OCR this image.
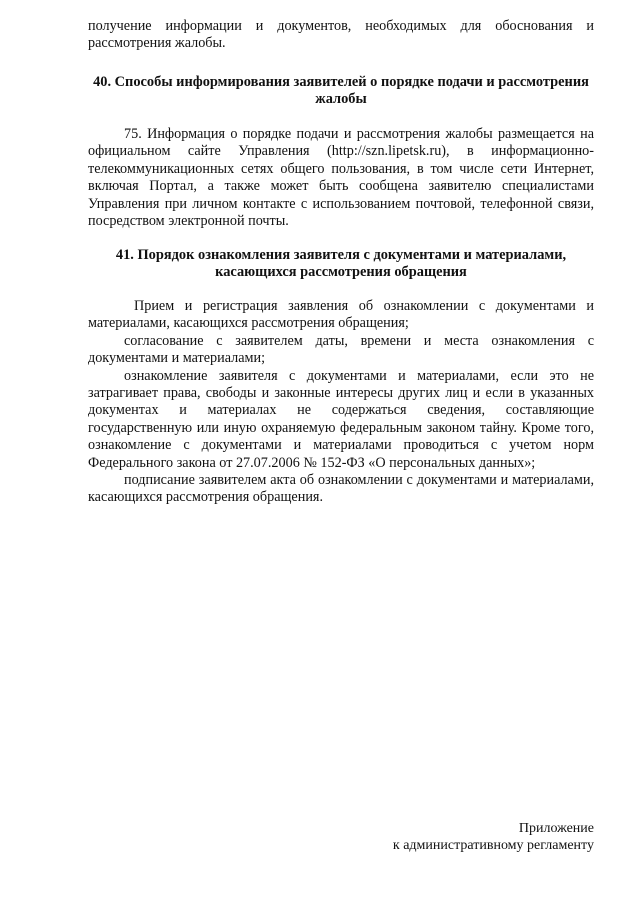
получение информации и документов, необходимых для обоснования и рассмотрения жалобы.

40. Способы информирования заявителей о порядке подачи и рассмотрения жалобы

75. Информация о порядке подачи и рассмотрения жалобы размещается на официальном сайте Управления (http://szn.lipetsk.ru), в информационно-телекоммуникационных сетях общего пользования, в том числе сети Интернет, включая Портал, а также может быть сообщена заявителю специалистами Управления при личном контакте с использованием почтовой, телефонной связи, посредством электронной почты.

41. Порядок ознакомления заявителя с документами и материалами, касающихся рассмотрения обращения

Прием и регистрация заявления об ознакомлении с документами и материалами, касающихся рассмотрения обращения;

согласование с заявителем даты, времени и места ознакомления с документами и материалами;

ознакомление заявителя с документами и материалами, если это не затрагивает права, свободы и законные интересы других лиц и если в указанных документах и материалах не содержаться сведения, составляющие государственную или иную охраняемую федеральным законом тайну. Кроме того, ознакомление с документами и материалами проводиться с учетом норм Федерального закона от 27.07.2006 № 152-ФЗ «О персональных данных»;

подписание заявителем акта об ознакомлении с документами и материалами, касающихся рассмотрения обращения.

Приложение
к административному регламенту
